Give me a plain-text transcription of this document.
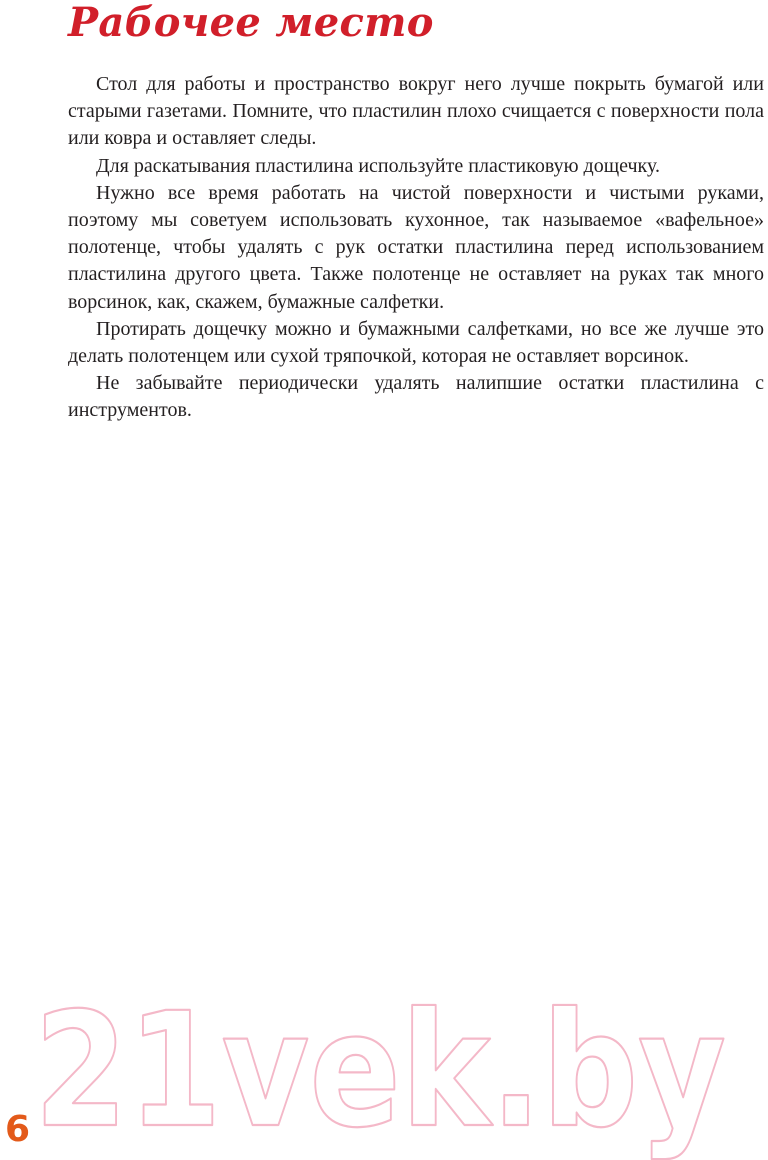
Рабочее место

Стол для работы и пространство вокруг него лучше покрыть бумагой или старыми газетами. Помните, что пластилин плохо счищается с поверхности пола или ковра и оставляет следы.

Для раскатывания пластилина используйте пластиковую дощечку.

Нужно все время работать на чистой поверхности и чистыми руками, поэтому мы советуем использовать кухонное, так называемое «вафельное» полотенце, чтобы удалять с рук остатки пластилина перед использованием пластилина другого цвета. Также полотенце не оставляет на руках так много ворсинок, как, скажем, бумажные салфетки.

Протирать дощечку можно и бумажными салфетками, но все же лучше это делать полотенцем или сухой тряпочкой, которая не оставляет ворсинок.

Не забывайте периодически удалять налипшие остатки пластилина с инструментов.

21vek.by
6
